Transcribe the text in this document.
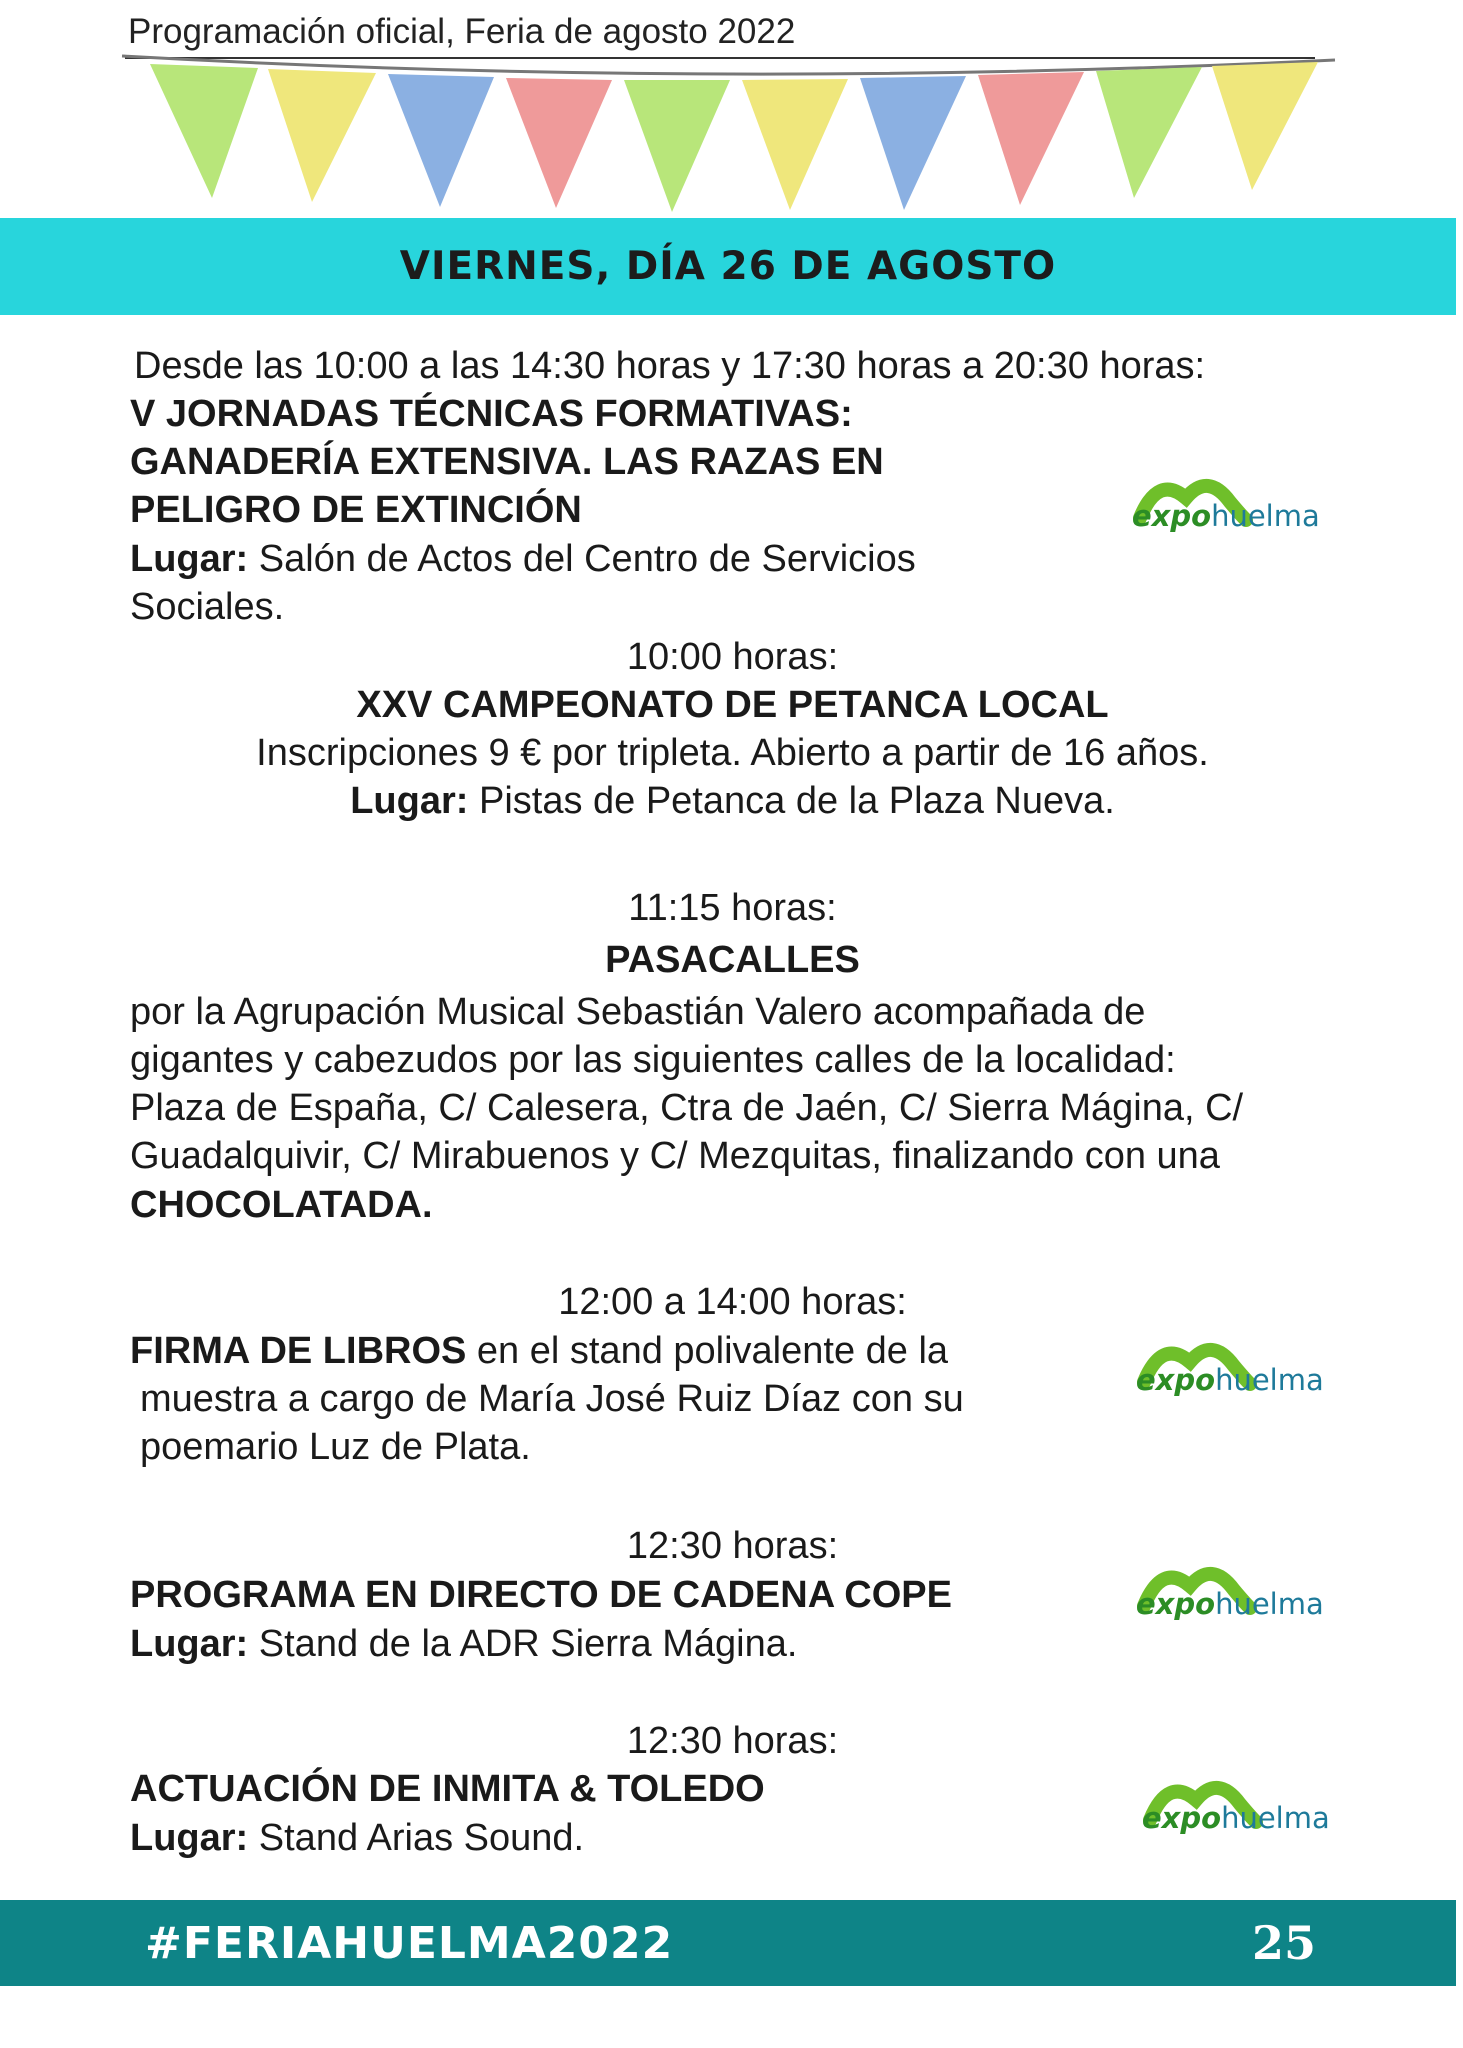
Programación oficial, Feria de agosto 2022
VIERNES, DÍA 26 DE AGOSTO
Desde las 10:00 a las 14:30 horas y 17:30 horas a 20:30 horas:
V JORNADAS TÉCNICAS FORMATIVAS:
GANADERÍA EXTENSIVA. LAS RAZAS EN
PELIGRO DE EXTINCIÓN
Lugar: Salón de Actos del Centro de Servicios
Sociales.
expohuelma
10:00 horas:
XXV CAMPEONATO DE PETANCA LOCAL
Inscripciones 9 € por tripleta. Abierto a partir de 16 años.
Lugar: Pistas de Petanca de la Plaza Nueva.
11:15 horas:
PASACALLES
por la Agrupación Musical Sebastián Valero acompañada de
gigantes y cabezudos por las siguientes calles de la localidad:
Plaza de España, C/ Calesera, Ctra de Jaén, C/ Sierra Mágina, C/
Guadalquivir, C/ Mirabuenos y C/ Mezquitas, finalizando con una
CHOCOLATADA.
12:00 a 14:00 horas:
FIRMA DE LIBROS en el stand polivalente de la
muestra a cargo de María José Ruiz Díaz con su
poemario Luz de Plata.
expohuelma
12:30 horas:
PROGRAMA EN DIRECTO DE CADENA COPE
Lugar: Stand de la ADR Sierra Mágina.
expohuelma
12:30 horas:
ACTUACIÓN DE INMITA & TOLEDO
Lugar: Stand Arias Sound.	expohuelma
#FERIAHUELMA2022	25
